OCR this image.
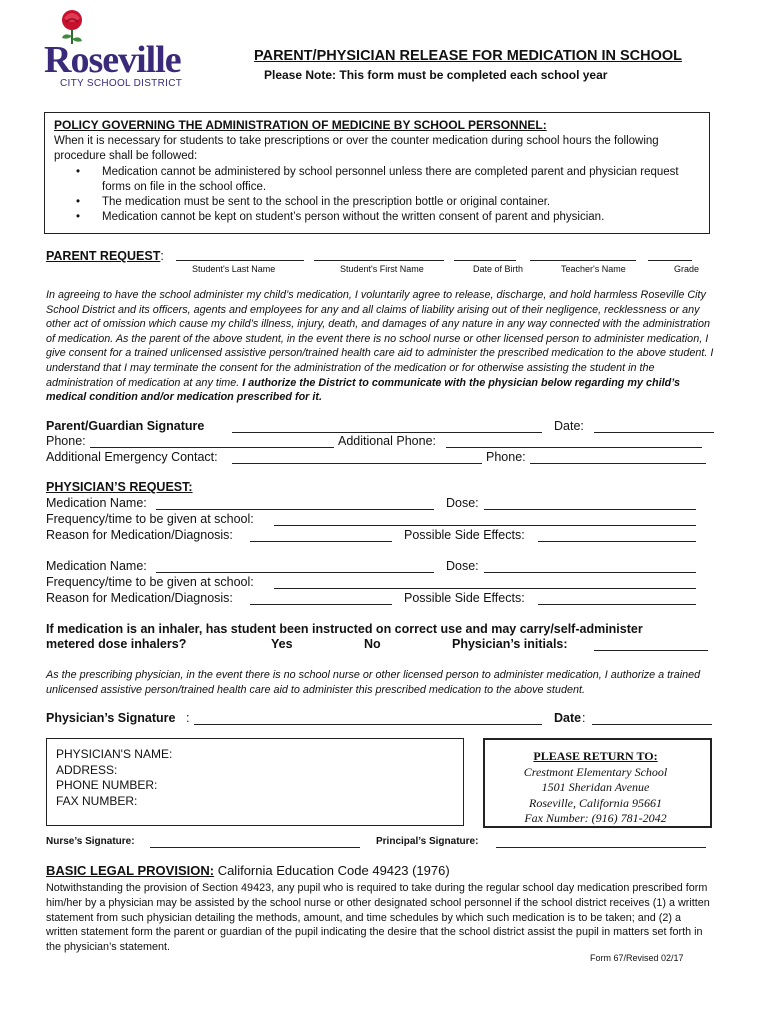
Roseville
CITY SCHOOL DISTRICT
PARENT/PHYSICIAN RELEASE FOR MEDICATION IN SCHOOL
Please Note: This form must be completed each school year
POLICY GOVERNING THE ADMINISTRATION OF MEDICINE BY SCHOOL PERSONNEL:
When it is necessary for students to take prescriptions or over the counter medication during school hours the following procedure shall be followed:
• Medication cannot be administered by school personnel unless there are completed parent and physician request forms on file in the school office.
• The medication must be sent to the school in the prescription bottle or original container.
• Medication cannot be kept on student’s person without the written consent of parent and physician.
PARENT REQUEST:
Student's Last Name	Student's First Name	Date of Birth	Teacher's Name	Grade
In agreeing to have the school administer my child’s medication, I voluntarily agree to release, discharge, and hold harmless Roseville City School District and its officers, agents and employees for any and all claims of liability arising out of their negligence, recklessness or any other act of omission which cause my child’s illness, injury, death, and damages of any nature in any way connected with the administration of medication. As the parent of the above student, in the event there is no school nurse or other licensed person to administer medication, I give consent for a trained unlicensed assistive person/trained health care aid to administer the prescribed medication to the above student. I understand that I may terminate the consent for the administration of the medication or for otherwise assisting the student in the administration of medication at any time. I authorize the District to communicate with the physician below regarding my child’s medical condition and/or medication prescribed for it.
Parent/Guardian Signature	Date:
Phone:	Additional Phone:
Additional Emergency Contact:	Phone:
PHYSICIAN’S REQUEST:
Medication Name:	Dose:
Frequency/time to be given at school:
Reason for Medication/Diagnosis:	Possible Side Effects:
Medication Name:	Dose:
Frequency/time to be given at school:
Reason for Medication/Diagnosis:	Possible Side Effects:
If medication is an inhaler, has student been instructed on correct use and may carry/self-administer
metered dose inhalers?	Yes	No	Physician’s initials:
As the prescribing physician, in the event there is no school nurse or other licensed person to administer medication, I authorize a trained unlicensed assistive person/trained health care aid to administer this prescribed medication to the above student.
Physician’s Signature :	Date :
PHYSICIAN'S NAME:
ADDRESS:
PHONE NUMBER:
FAX NUMBER:
PLEASE RETURN TO:
Crestmont Elementary School
1501 Sheridan Avenue
Roseville, California 95661
Fax Number: (916) 781-2042
Nurse’s Signature:	Principal’s Signature:
BASIC LEGAL PROVISION: California Education Code 49423 (1976)
Notwithstanding the provision of Section 49423, any pupil who is required to take during the regular school day medication prescribed form him/her by a physician may be assisted by the school nurse or other designated school personnel if the school district receives (1) a written statement from such physician detailing the methods, amount, and time schedules by which such medication is to be taken; and (2) a written statement form the parent or guardian of the pupil indicating the desire that the school district assist the pupil in matters set forth in the physician’s statement.
Form 67/Revised 02/17
